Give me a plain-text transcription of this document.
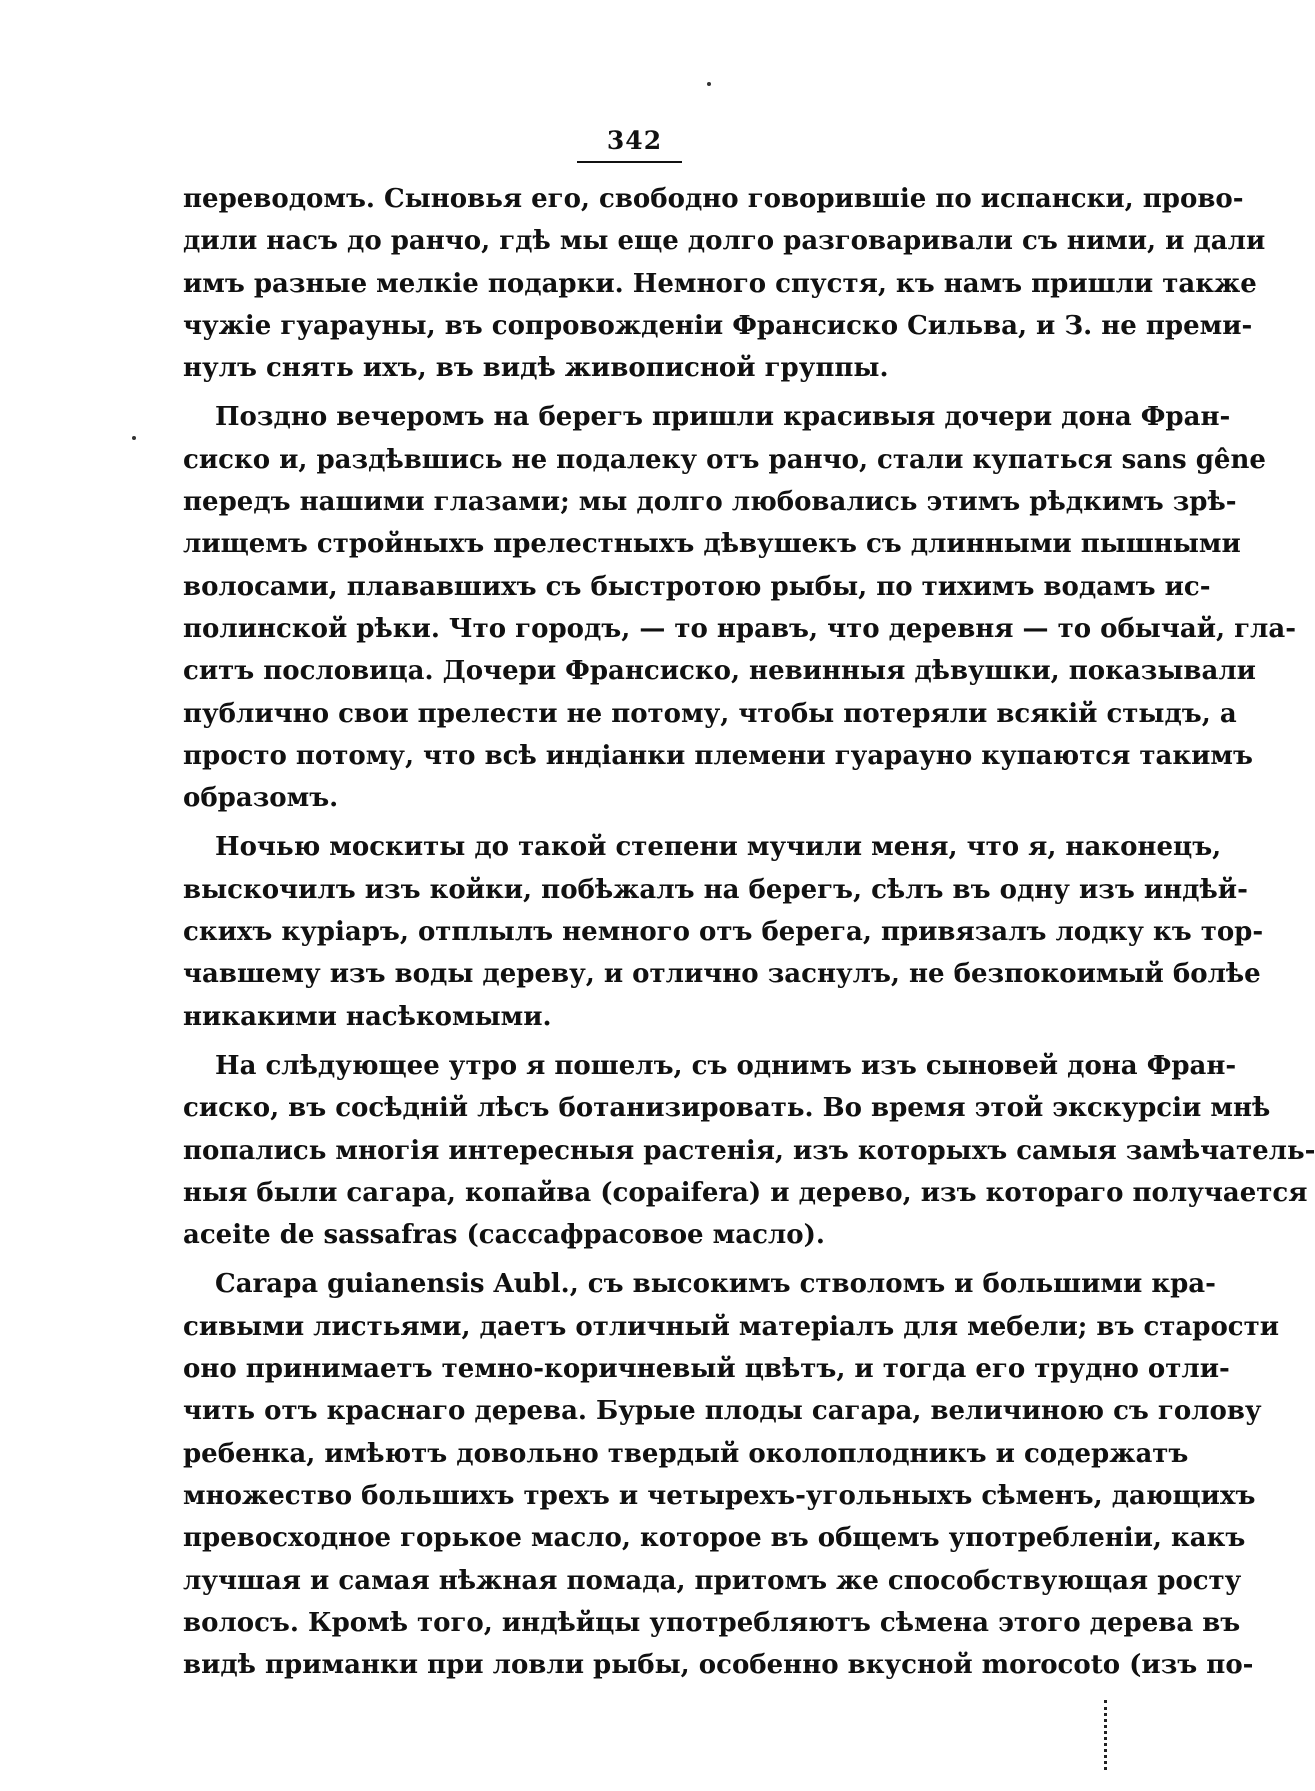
342

переводомъ. Сыновья его, свободно говорившіе по испански, прово-
дили насъ до ранчо, гдѣ мы еще долго разговаривали съ ними, и дали
имъ разные мелкіе подарки. Немного спустя, къ намъ пришли также
чужіе гуарауны, въ сопровожденіи Франсиско Сильва, и З. не преми-
нулъ снять ихъ, въ видѣ живописной группы.

Поздно вечеромъ на берегъ пришли красивыя дочери дона Фран-
сиско и, раздѣвшись не подалеку отъ ранчо, стали купаться sans gêne
передъ нашими глазами; мы долго любовались этимъ рѣдкимъ зрѣ-
лищемъ стройныхъ прелестныхъ дѣвушекъ съ длинными пышными
волосами, плававшихъ съ быстротою рыбы, по тихимъ водамъ ис-
полинской рѣки. Что городъ, — то нравъ, что деревня — то обычай, гла-
ситъ пословица. Дочери Франсиско, невинныя дѣвушки, показывали
публично свои прелести не потому, чтобы потеряли всякій стыдъ, а
просто потому, что всѣ индіанки племени гуарауно купаются такимъ
образомъ.

Ночью москиты до такой степени мучили меня, что я, наконецъ,
выскочилъ изъ койки, побѣжалъ на берегъ, сѣлъ въ одну изъ индѣй-
скихъ куріаръ, отплылъ немного отъ берега, привязалъ лодку къ тор-
чавшему изъ воды дереву, и отлично заснулъ, не безпокоимый болѣе
никакими насѣкомыми.

На слѣдующее утро я пошелъ, съ однимъ изъ сыновей дона Фран-
сиско, въ сосѣдній лѣсъ ботанизировать. Во время этой экскурсіи мнѣ
попались многія интересныя растенія, изъ которыхъ самыя замѣчатель-
ныя были сагара, копайва (copaifera) и дерево, изъ котораго получается
aceite de sassafras (сассафрасовое масло).

Carapa guianensis Aubl., съ высокимъ стволомъ и большими кра-
сивыми листьями, даетъ отличный матеріалъ для мебели; въ старости
оно принимаетъ темно-коричневый цвѣтъ, и тогда его трудно отли-
чить отъ краснаго дерева. Бурые плоды сагара, величиною съ голову
ребенка, имѣютъ довольно твердый околоплодникъ и содержатъ
множество большихъ трехъ и четырехъ-угольныхъ сѣменъ, дающихъ
превосходное горькое масло, которое въ общемъ употребленіи, какъ
лучшая и самая нѣжная помада, притомъ же способствующая росту
волосъ. Кромѣ того, индѣйцы употребляютъ сѣмена этого дерева въ
видѣ приманки при ловли рыбы, особенно вкусной morocoto (изъ по-
